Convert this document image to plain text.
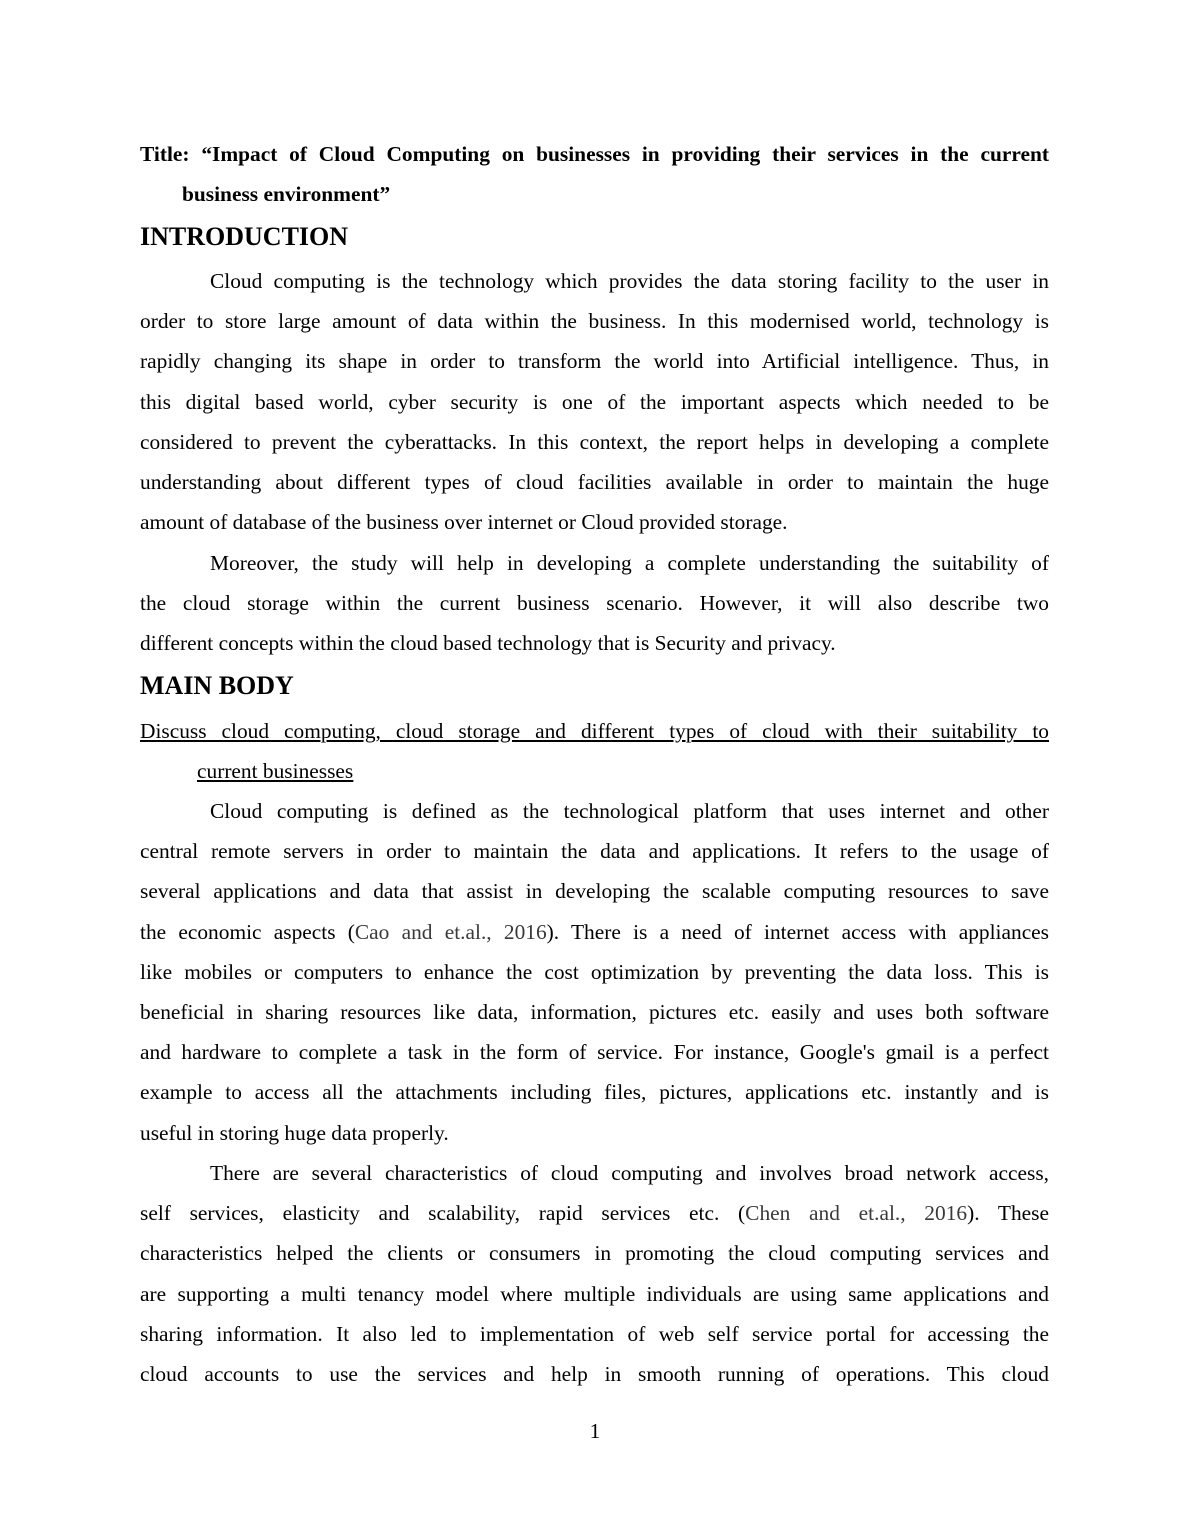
Title: “Impact of Cloud Computing on businesses in providing their services in the current
business environment”
INTRODUCTION
Cloud computing is the technology which provides the data storing facility to the user in
order to store large amount of data within the business. In this modernised world, technology is
rapidly changing its shape in order to transform the world into Artificial intelligence. Thus, in
this digital based world, cyber security is one of the important aspects which needed to be
considered to prevent the cyberattacks. In this context, the report helps in developing a complete
understanding about different types of cloud facilities available in order to maintain the huge
amount of database of the business over internet or Cloud provided storage.
Moreover, the study will help in developing a complete understanding the suitability of
the cloud storage within the current business scenario. However, it will also describe two
different concepts within the cloud based technology that is Security and privacy.
MAIN BODY
Discuss cloud computing, cloud storage and different types of cloud with their suitability to
current businesses
Cloud computing is defined as the technological platform that uses internet and other
central remote servers in order to maintain the data and applications. It refers to the usage of
several applications and data that assist in developing the scalable computing resources to save
the economic aspects (Cao and et.al., 2016). There is a need of internet access with appliances
like mobiles or computers to enhance the cost optimization by preventing the data loss. This is
beneficial in sharing resources like data, information, pictures etc. easily and uses both software
and hardware to complete a task in the form of service. For instance, Google's gmail is a perfect
example to access all the attachments including files, pictures, applications etc. instantly and is
useful in storing huge data properly.
There are several characteristics of cloud computing and involves broad network access,
self services, elasticity and scalability, rapid services etc. (Chen and et.al., 2016). These
characteristics helped the clients or consumers in promoting the cloud computing services and
are supporting a multi tenancy model where multiple individuals are using same applications and
sharing information. It also led to implementation of web self service portal for accessing the
cloud accounts to use the services and help in smooth running of operations. This cloud
1
